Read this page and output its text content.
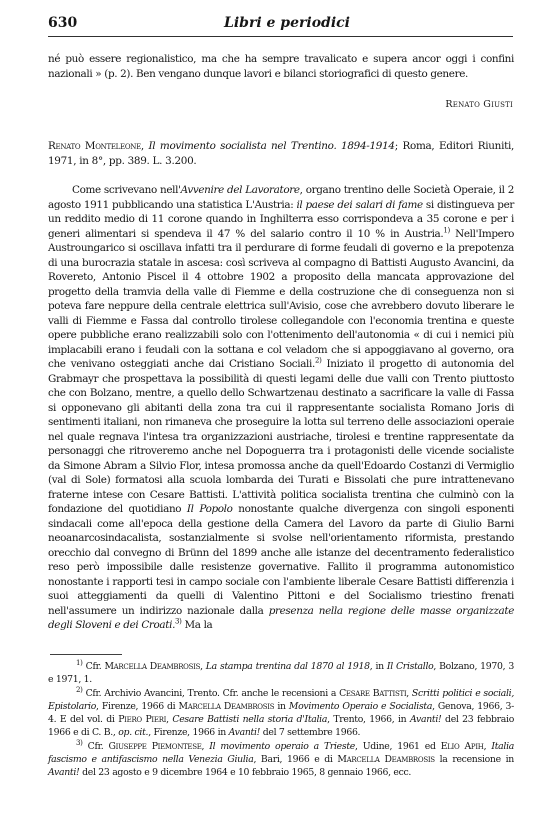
630	Libri e periodici
né può essere regionalistico, ma che ha sempre travalicato e supera ancor oggi i confini nazionali » (p. 2). Ben vengano dunque lavori e bilanci storiografici di questo genere.
Renato Giusti
Renato Monteleone, Il movimento socialista nel Trentino. 1894-1914; Roma, Editori Riuniti, 1971, in 8°, pp. 389. L. 3.200.
Come scrivevano nell'Avvenire del Lavoratore, organo trentino delle Società Operaie, il 2 agosto 1911 pubblicando una statistica L'Austria: il paese dei salari di fame si distingueva per un reddito medio di 11 corone quando in Inghilterra esso corrispondeva a 35 corone e per i generi alimentari si spendeva il 47 % del salario contro il 10 % in Austria.$^{1)}$ Nell'Impero Austroungarico si oscillava infatti tra il perdurare di forme feudali di governo e la prepotenza di una burocrazia statale in ascesa: così scriveva al compagno di Battisti Augusto Avancini, da Rovereto, Antonio Piscel il 4 ottobre 1902 a proposito della mancata approvazione del progetto della tramvia della valle di Fiemme e della costruzione che di conseguenza non si poteva fare neppure della centrale elettrica sull'Avisio, cose che avrebbero dovuto liberare le valli di Fiemme e Fassa dal controllo tirolese collegandole con l'economia trentina e queste opere pubbliche erano realizzabili solo con l'ottenimento dell'autonomia « di cui i nemici più implacabili erano i feudali con la sottana e col veladom che si appoggiavano al governo, ora che venivano osteggiati anche dai Cristiano Sociali.$^{2)}$ Iniziato il progetto di autonomia del Grabmayr che prospettava la possibilità di questi legami delle due valli con Trento piuttosto che con Bolzano, mentre, a quello dello Schwartzenau destinato a sacrificare la valle di Fassa si opponevano gli abitanti della zona tra cui il rappresentante socialista Romano Joris di sentimenti italiani, non rimaneva che proseguire la lotta sul terreno delle associazioni operaie nel quale regnava l'intesa tra organizzazioni austriache, tirolesi e trentine rappresentate da personaggi che ritroveremo anche nel Dopoguerra tra i protagonisti delle vicende socialiste da Simone Abram a Silvio Flor, intesa promossa anche da quell'Edoardo Costanzi di Vermiglio (val di Sole) formatosi alla scuola lombarda dei Turati e Bissolati che pure intrattenevano fraterne intese con Cesare Battisti. L'attività politica socialista trentina che culminò con la fondazione del quotidiano Il Popolo nonostante qualche divergenza con singoli esponenti sindacali come all'epoca della gestione della Camera del Lavoro da parte di Giulio Barni neoanarcosindacalista, sostanzialmente si svolse nell'orientamento riformista, prestando orecchio dal convegno di Brünn del 1899 anche alle istanze del decentramento federalistico reso però impossibile dalle resistenze governative. Fallito il programma autonomistico nonostante i rapporti tesi in campo sociale con l'ambiente liberale Cesare Battisti differenzia i suoi atteggiamenti da quelli di Valentino Pittoni e del Socialismo triestino frenati nell'assumere un indirizzo nazionale dalla presenza nella regione delle masse organizzate degli Sloveni e dei Croati.$^{3)}$ Ma la

$^{1)}$ Cfr. Marcella Deambrosis, La stampa trentina dal 1870 al 1918, in Il Cristallo, Bolzano, 1970, 3 e 1971, 1.

$^{2)}$ Cfr. Archivio Avancini, Trento. Cfr. anche le recensioni a Cesare Battisti, Scritti politici e sociali, Epistolario, Firenze, 1966 di Marcella Deambrosis in Movimento Operaio e Socialista, Genova, 1966, 3-4. E del vol. di Piero Pieri, Cesare Battisti nella storia d'Italia, Trento, 1966, in Avanti! del 23 febbraio 1966 e di C. B., op. cit., Firenze, 1966 in Avanti! del 7 settembre 1966.

$^{3)}$ Cfr. Giuseppe Piemontese, Il movimento operaio a Trieste, Udine, 1961 ed Elio Apih, Italia fascismo e antifascismo nella Venezia Giulia, Bari, 1966 e di Marcella Deambrosis la recensione in Avanti! del 23 agosto e 9 dicembre 1964 e 10 febbraio 1965, 8 gennaio 1966, ecc.
